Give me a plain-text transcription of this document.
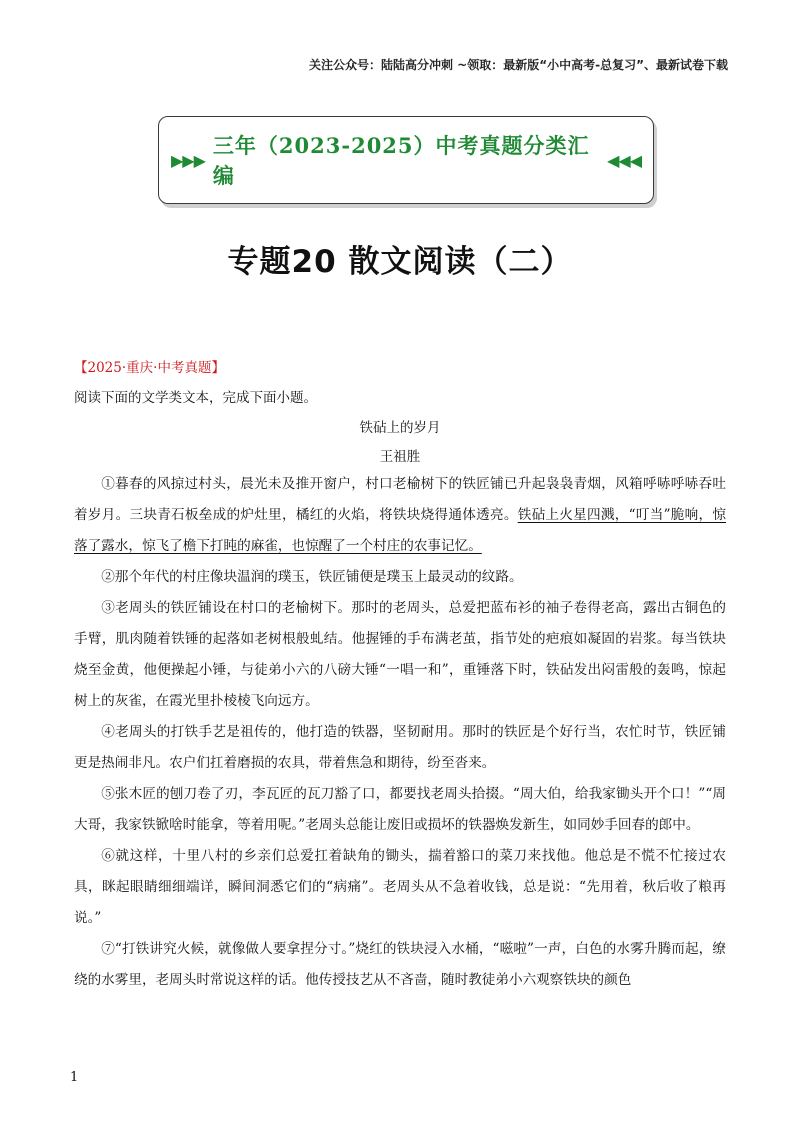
关注公众号：陆陆高分冲刺 ~领取：最新版“小中高考-总复习”、最新试卷下载
▶▶▶
三年（2023-2025）中考真题分类汇编
◀◀◀
专题20 散文阅读（二）
【2025·重庆·中考真题】
阅读下面的文学类文本，完成下面小题。
铁砧上的岁月
王祖胜

①暮春的风掠过村头，晨光未及推开窗户，村口老榆树下的铁匠铺已升起袅袅青烟，风箱呼哧呼哧吞吐着岁月。三块青石板垒成的炉灶里，橘红的火焰，将铁块烧得通体透亮。铁砧上火星四溅，“叮当”脆响，惊落了露水，惊飞了檐下打盹的麻雀，也惊醒了一个村庄的农事记忆。

②那个年代的村庄像块温润的璞玉，铁匠铺便是璞玉上最灵动的纹路。

③老周头的铁匠铺设在村口的老榆树下。那时的老周头，总爱把蓝布衫的袖子卷得老高，露出古铜色的手臂，肌肉随着铁锤的起落如老树根般虬结。他握锤的手布满老茧，指节处的疤痕如凝固的岩浆。每当铁块烧至金黄，他便操起小锤，与徒弟小六的八磅大锤“一唱一和”，重锤落下时，铁砧发出闷雷般的轰鸣，惊起树上的灰雀，在霞光里扑棱棱飞向远方。

④老周头的打铁手艺是祖传的，他打造的铁器，坚韧耐用。那时的铁匠是个好行当，农忙时节，铁匠铺更是热闹非凡。农户们扛着磨损的农具，带着焦急和期待，纷至沓来。

⑤张木匠的刨刀卷了刃，李瓦匠的瓦刀豁了口，都要找老周头拾掇。“周大伯，给我家锄头开个口！”“周大哥，我家铁锨啥时能拿，等着用呢。”老周头总能让废旧或损坏的铁器焕发新生，如同妙手回春的郎中。

⑥就这样，十里八村的乡亲们总爱扛着缺角的锄头，揣着豁口的菜刀来找他。他总是不慌不忙接过农具，眯起眼睛细细端详，瞬间洞悉它们的“病痛”。老周头从不急着收钱，总是说：“先用着，秋后收了粮再说。”

⑦“打铁讲究火候，就像做人要拿捏分寸。”烧红的铁块浸入水桶，“嗞啦”一声，白色的水雾升腾而起，缭绕的水雾里，老周头时常说这样的话。他传授技艺从不吝啬，随时教徒弟小六观察铁块的颜色

1
